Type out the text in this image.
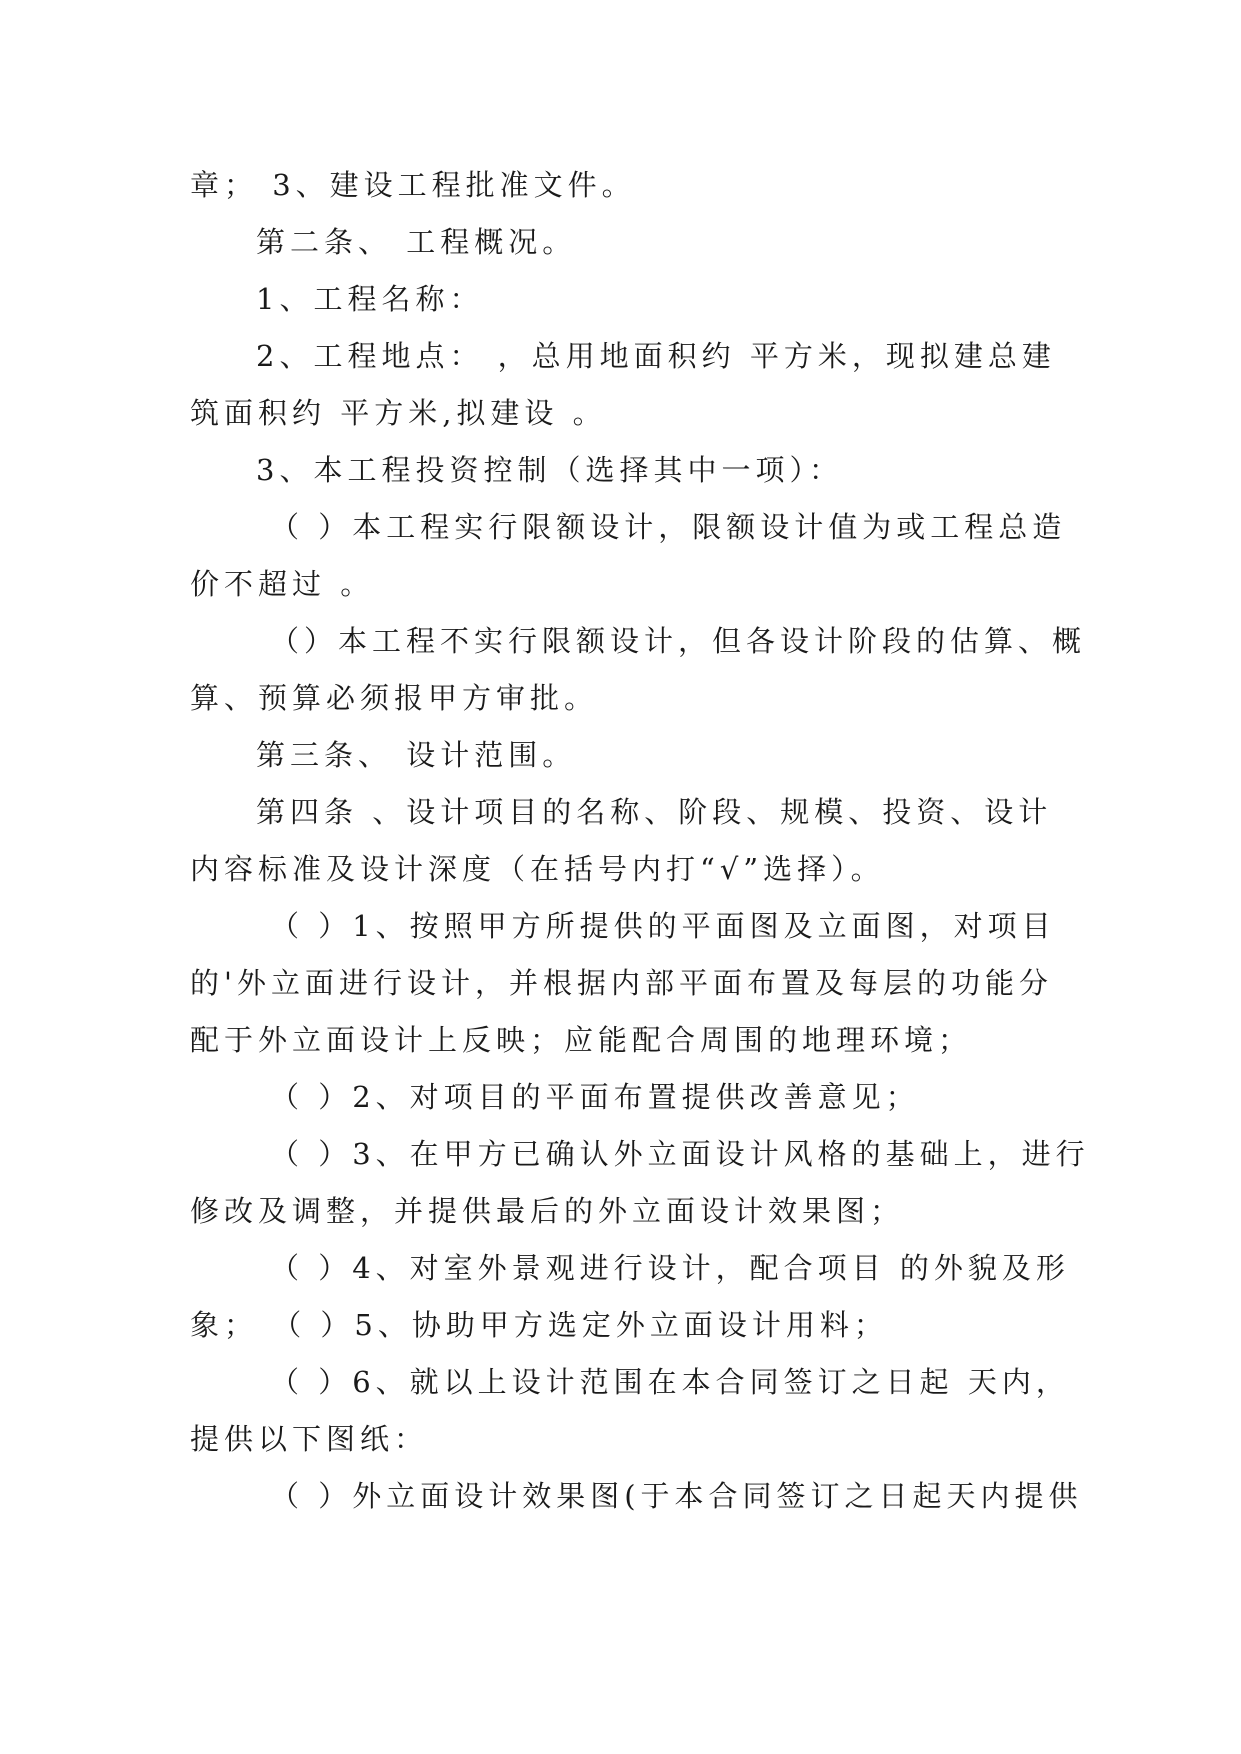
章； 3、建设工程批准文件。
第二条、 工程概况。
1、工程名称：
2、工程地点： ，总用地面积约 平方米，现拟建总建
筑面积约 平方米,拟建设 。
3、本工程投资控制（选择其中一项）：
（ ）本工程实行限额设计，限额设计值为或工程总造
价不超过 。
（）本工程不实行限额设计，但各设计阶段的估算、概
算、预算必须报甲方审批。
第三条、 设计范围。
第四条 、设计项目的名称、阶段、规模、投资、设计
内容标准及设计深度（在括号内打“√”选择）。
（ ）1、按照甲方所提供的平面图及立面图，对项目
的'外立面进行设计，并根据内部平面布置及每层的功能分
配于外立面设计上反映；应能配合周围的地理环境；
（ ）2、对项目的平面布置提供改善意见；
（ ）3、在甲方已确认外立面设计风格的基础上，进行
修改及调整，并提供最后的外立面设计效果图；
（ ）4、对室外景观进行设计，配合项目 的外貌及形
象； （ ）5、协助甲方选定外立面设计用料；
（ ）6、就以上设计范围在本合同签订之日起 天内，
提供以下图纸：
（ ）外立面设计效果图(于本合同签订之日起天内提供
